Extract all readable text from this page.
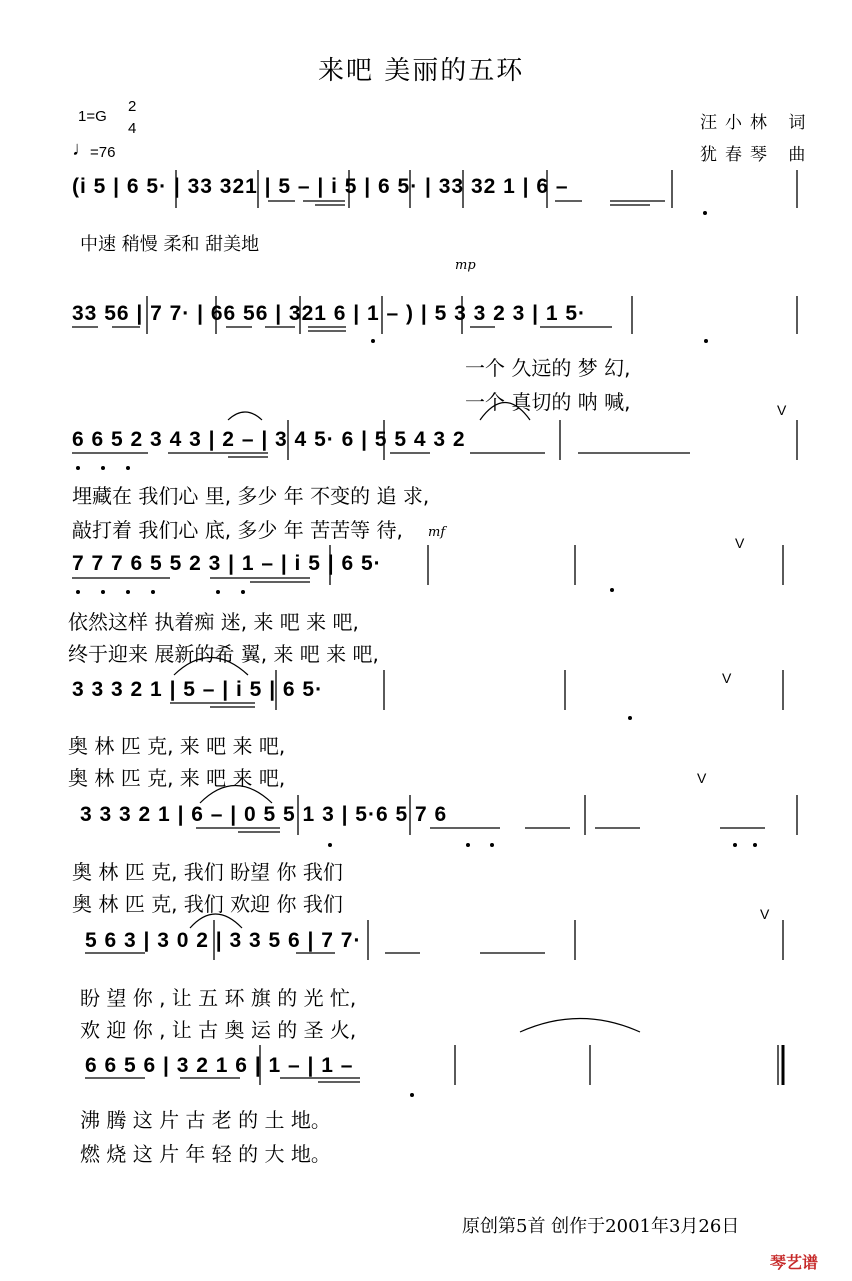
来吧 美丽的五环
汪小林 词
犹春琴 曲
1=G
2
4
♩
=76
(i 5 | 6 5· | 33 321 | 5 – | i 5 | 6 5· | 33 32 1 | 6 –
中速 稍慢 柔和 甜美地
mp
33 56 | 7 7· | 66 56 | 321 6 | 1 – ) | 5 3 3 2 3 | 1 5·
一个 久远的 梦 幻,
一个 真切的 呐 喊,	V
6 6 5 2 3 4 3 | 2 – | 3 4 5· 6 | 5 5 4 3 2
埋藏在 我们心 里, 多少 年 不变的 追 求,
敲打着 我们心 底, 多少 年 苦苦等 待, mf
V
7 7 7 6 5 5 2 3 | 1 – | i 5 | 6 5·
依然这样 执着痴 迷, 来 吧 来 吧,
终于迎来 展新的希 翼, 来 吧 来 吧,
V
3 3 3 2 1 | 5 – | i 5 | 6 5·
奥 林 匹 克, 来 吧 来 吧,
奥 林 匹 克, 来 吧 来 吧,	V
3 3 3 2 1 | 6 – | 0 5 5 1 3 | 5·6 5 7 6
奥 林 匹 克, 我们 盼望 你 我们
奥 林 匹 克, 我们 欢迎 你 我们	V
5 6 3 | 3 0 2 | 3 3 5 6 | 7 7·
盼 望 你 , 让 五 环 旗 的 光 忙,
欢 迎 你 , 让 古 奥 运 的 圣 火,
6 6 5 6 | 3 2 1 6 | 1 – | 1 –
沸 腾 这 片 古 老 的 土 地。
燃 烧 这 片 年 轻 的 大 地。
原创第5首 创作于2001年3月26日
琴艺谱
